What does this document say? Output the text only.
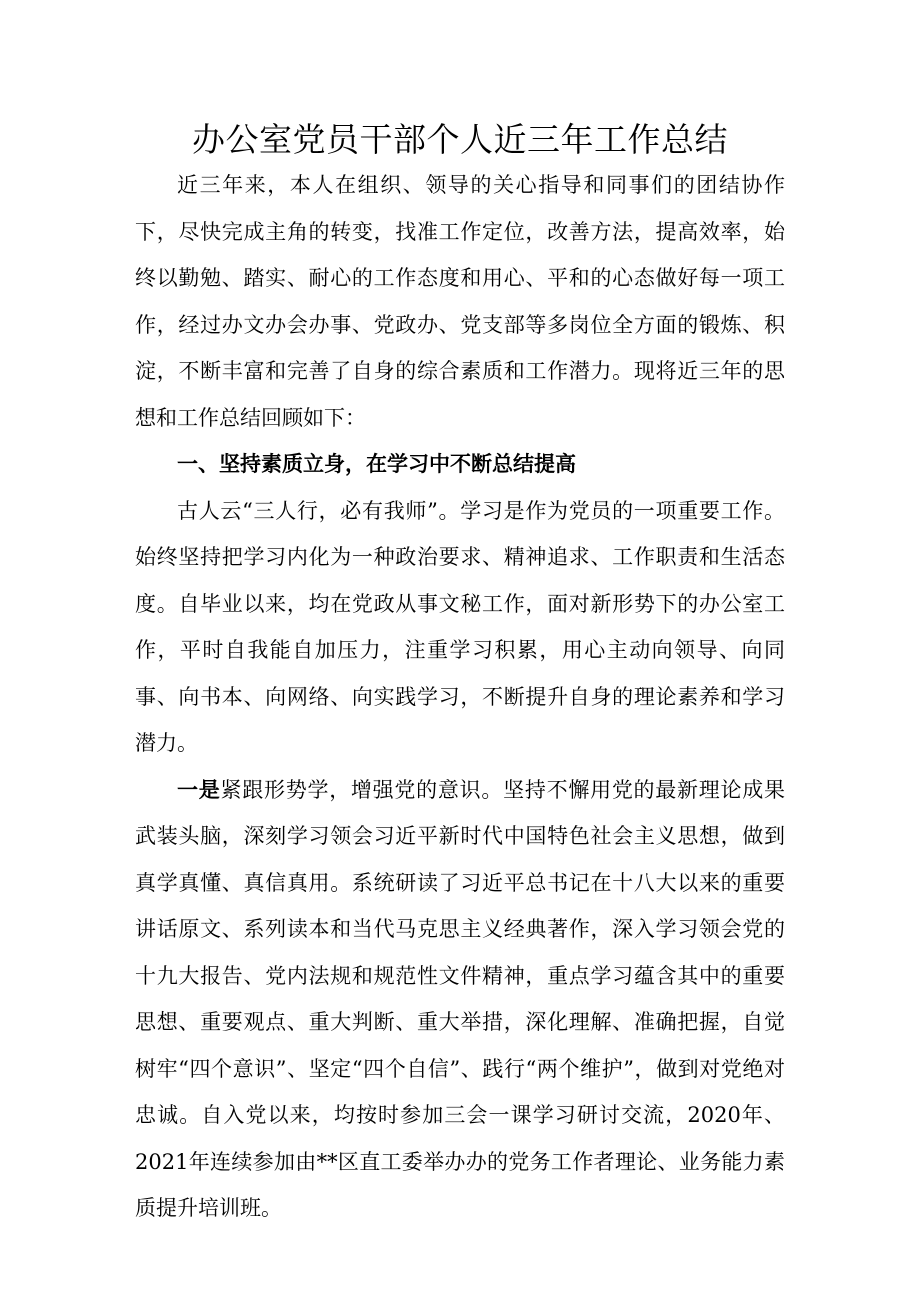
办公室党员干部个人近三年工作总结

近三年来，本人在组织、领导的关心指导和同事们的团结协作下，尽快完成主角的转变，找准工作定位，改善方法，提高效率，始终以勤勉、踏实、耐心的工作态度和用心、平和的心态做好每一项工作，经过办文办会办事、党政办、党支部等多岗位全方面的锻炼、积淀，不断丰富和完善了自身的综合素质和工作潜力。现将近三年的思想和工作总结回顾如下：

一、坚持素质立身，在学习中不断总结提高

古人云“三人行，必有我师”。学习是作为党员的一项重要工作。始终坚持把学习内化为一种政治要求、精神追求、工作职责和生活态度。自毕业以来，均在党政从事文秘工作，面对新形势下的办公室工作，平时自我能自加压力，注重学习积累，用心主动向领导、向同事、向书本、向网络、向实践学习，不断提升自身的理论素养和学习潜力。

一是紧跟形势学，增强党的意识。坚持不懈用党的最新理论成果武装头脑，深刻学习领会习近平新时代中国特色社会主义思想，做到真学真懂、真信真用。系统研读了习近平总书记在十八大以来的重要讲话原文、系列读本和当代马克思主义经典著作，深入学习领会党的十九大报告、党内法规和规范性文件精神，重点学习蕴含其中的重要思想、重要观点、重大判断、重大举措，深化理解、准确把握，自觉树牢“四个意识”、坚定“四个自信”、践行“两个维护”，做到对党绝对忠诚。自入党以来，均按时参加三会一课学习研讨交流，2020年、2021年连续参加由**区直工委举办办的党务工作者理论、业务能力素质提升培训班。
